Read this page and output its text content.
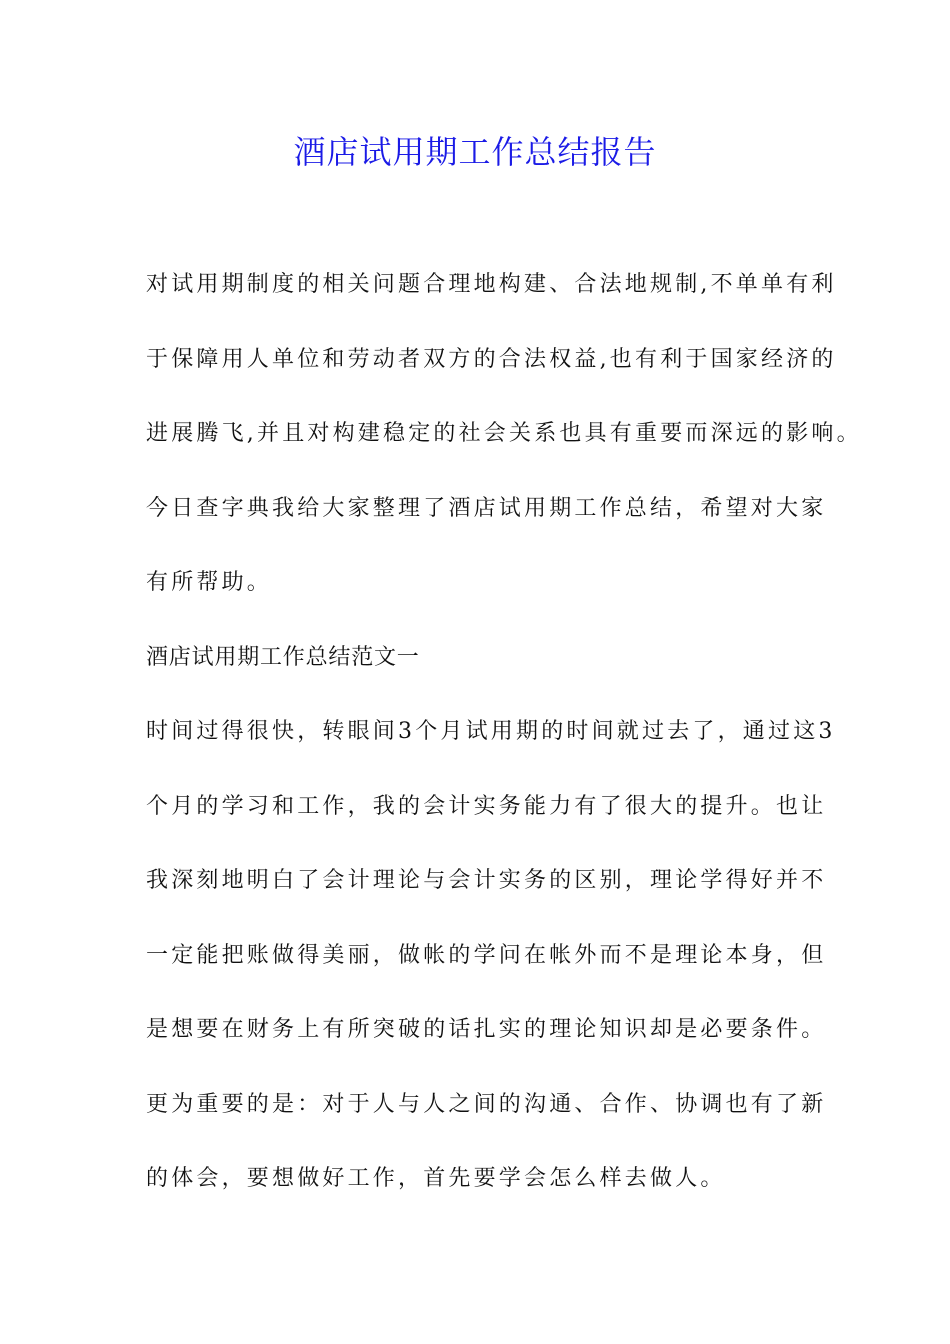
酒店试用期工作总结报告
对试用期制度的相关问题合理地构建、合法地规制,不单单有利
于保障用人单位和劳动者双方的合法权益,也有利于国家经济的
进展腾飞,并且对构建稳定的社会关系也具有重要而深远的影响。
今日查字典我给大家整理了酒店试用期工作总结，希望对大家
有所帮助。
酒店试用期工作总结范文一
时间过得很快，转眼间3个月试用期的时间就过去了，通过这3
个月的学习和工作，我的会计实务能力有了很大的提升。也让
我深刻地明白了会计理论与会计实务的区别，理论学得好并不
一定能把账做得美丽，做帐的学问在帐外而不是理论本身，但
是想要在财务上有所突破的话扎实的理论知识却是必要条件。
更为重要的是：对于人与人之间的沟通、合作、协调也有了新
的体会，要想做好工作，首先要学会怎么样去做人。
